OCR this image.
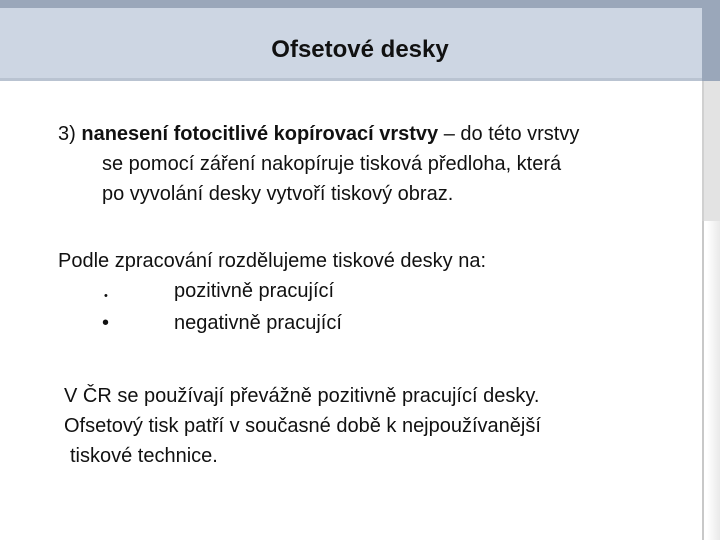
Ofsetové desky
3) nanesení fotocitlivé kopírovací vrstvy – do této vrstvy
se pomocí záření nakopíruje tisková předloha, která
po vyvolání desky vytvoří tiskový obraz.
Podle zpracování rozdělujeme tiskové desky na:
•	pozitivně pracující
•	negativně pracující
V ČR se používají převážně pozitivně pracující desky.
Ofsetový tisk patří v současné době k nejpoužívanější
tiskové technice.
